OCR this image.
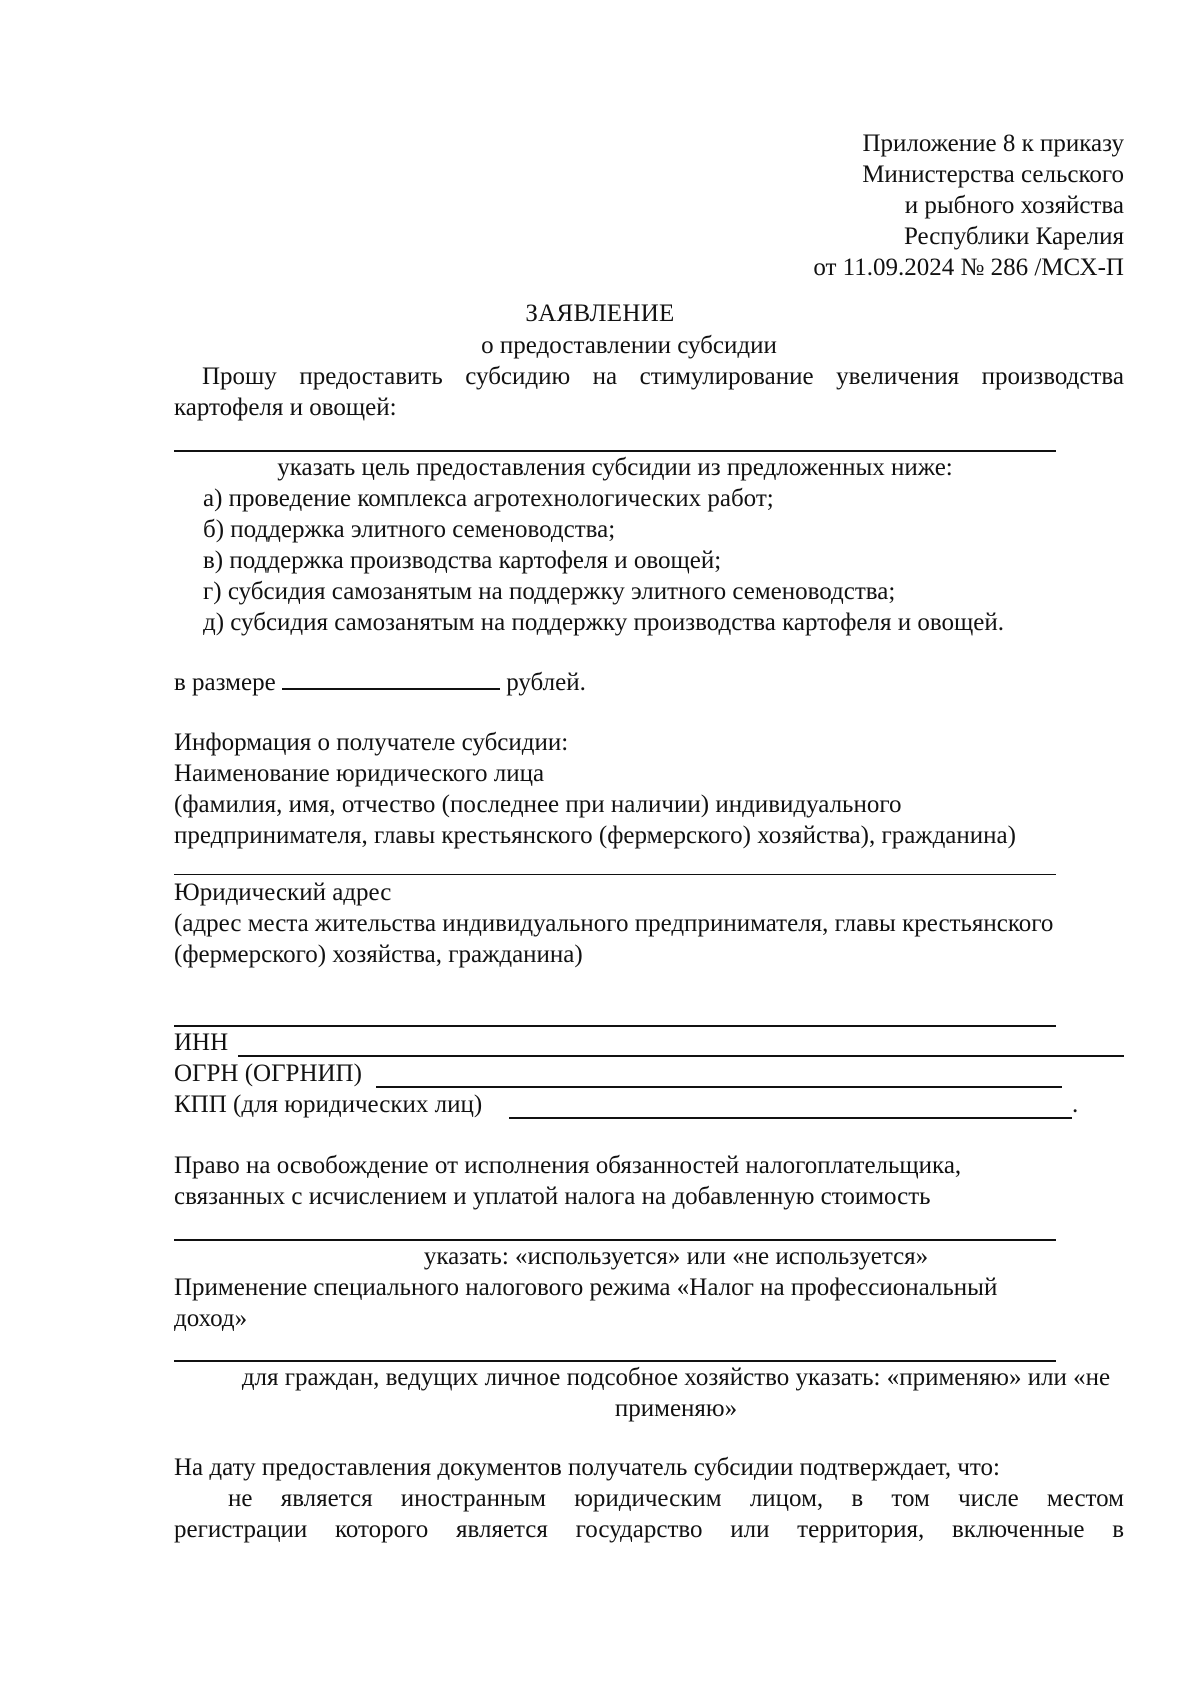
Приложение 8 к приказу
Министерства сельского
и рыбного хозяйства
Республики Карелия
от 11.09.2024 № 286 /МСХ-П
ЗАЯВЛЕНИЕ
о предоставлении субсидии
Прошу предоставить субсидию на стимулирование увеличения производства картофеля и овощей:
указать цель предоставления субсидии из предложенных ниже:
а) проведение комплекса агротехнологических работ;
б) поддержка элитного семеноводства;
в) поддержка производства картофеля и овощей;
г) субсидия самозанятым на поддержку элитного семеноводства;
д) субсидия самозанятым на поддержку производства картофеля и овощей.
в размере	рублей.
Информация о получателе субсидии:
Наименование юридического лица
(фамилия, имя, отчество (последнее при наличии) индивидуального
предпринимателя, главы крестьянского (фермерского) хозяйства), гражданина)
Юридический адрес
(адрес места жительства индивидуального предпринимателя, главы крестьянского
(фермерского) хозяйства, гражданина)
ИНН
ОГРН (ОГРНИП)
КПП (для юридических лиц)	.
Право на освобождение от исполнения обязанностей налогоплательщика,
связанных с исчислением и уплатой налога на добавленную стоимость
указать: «используется» или «не используется»
Применение специального налогового режима «Налог на профессиональный
доход»
для граждан, ведущих личное подсобное хозяйство указать: «применяю» или «не
применяю»
На дату предоставления документов получатель субсидии подтверждает, что:
не является иностранным юридическим лицом, в том числе местом
регистрации которого является государство или территория, включенные в
